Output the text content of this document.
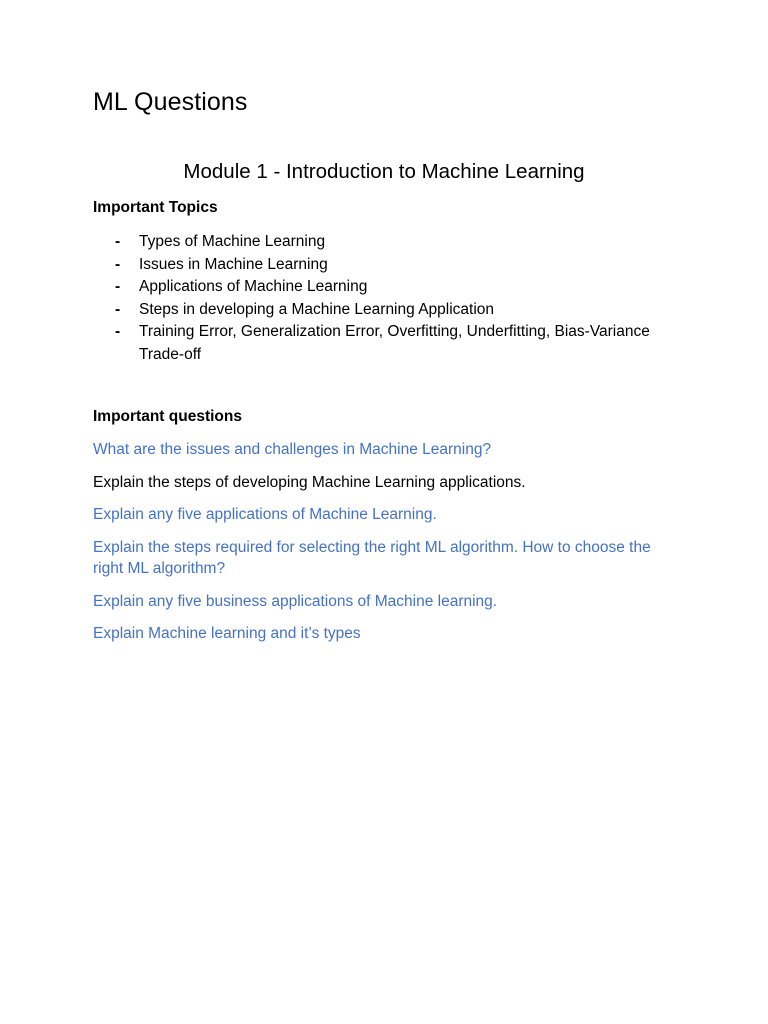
ML Questions
Module 1 - Introduction to Machine Learning
Important Topics
- Types of Machine Learning
- Issues in Machine Learning
- Applications of Machine Learning
- Steps in developing a Machine Learning Application
- Training Error, Generalization Error, Overfitting, Underfitting, Bias-Variance Trade-off
Important questions
What are the issues and challenges in Machine Learning?
Explain the steps of developing Machine Learning applications.
Explain any five applications of Machine Learning.
Explain the steps required for selecting the right ML algorithm. How to choose the right ML algorithm?
Explain any five business applications of Machine learning.
Explain Machine learning and it’s types
